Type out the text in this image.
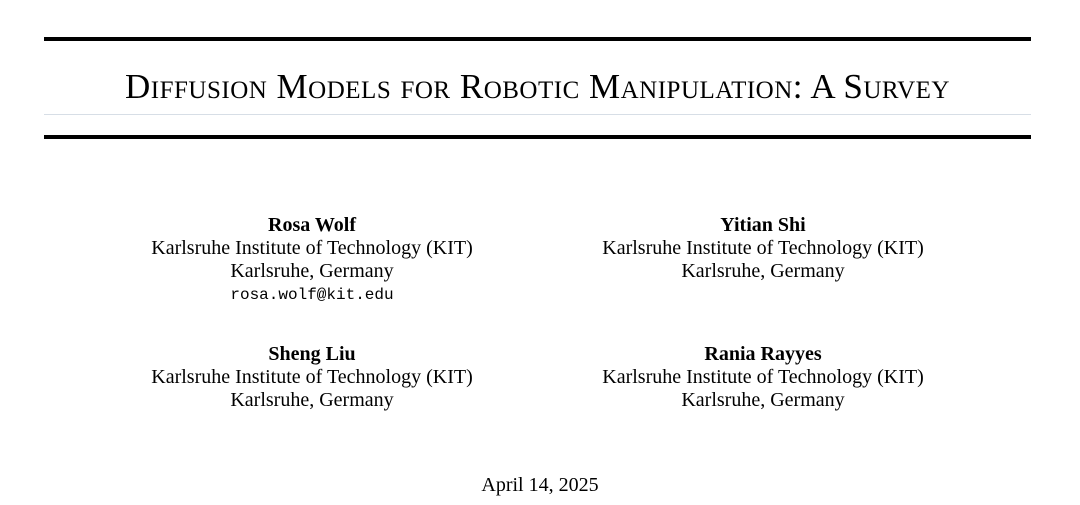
Diffusion Models for Robotic Manipulation: A Survey
Rosa Wolf
Karlsruhe Institute of Technology (KIT)
Karlsruhe, Germany
rosa.wolf@kit.edu
Yitian Shi
Karlsruhe Institute of Technology (KIT)
Karlsruhe, Germany
Sheng Liu
Karlsruhe Institute of Technology (KIT)
Karlsruhe, Germany
Rania Rayyes
Karlsruhe Institute of Technology (KIT)
Karlsruhe, Germany
April 14, 2025
